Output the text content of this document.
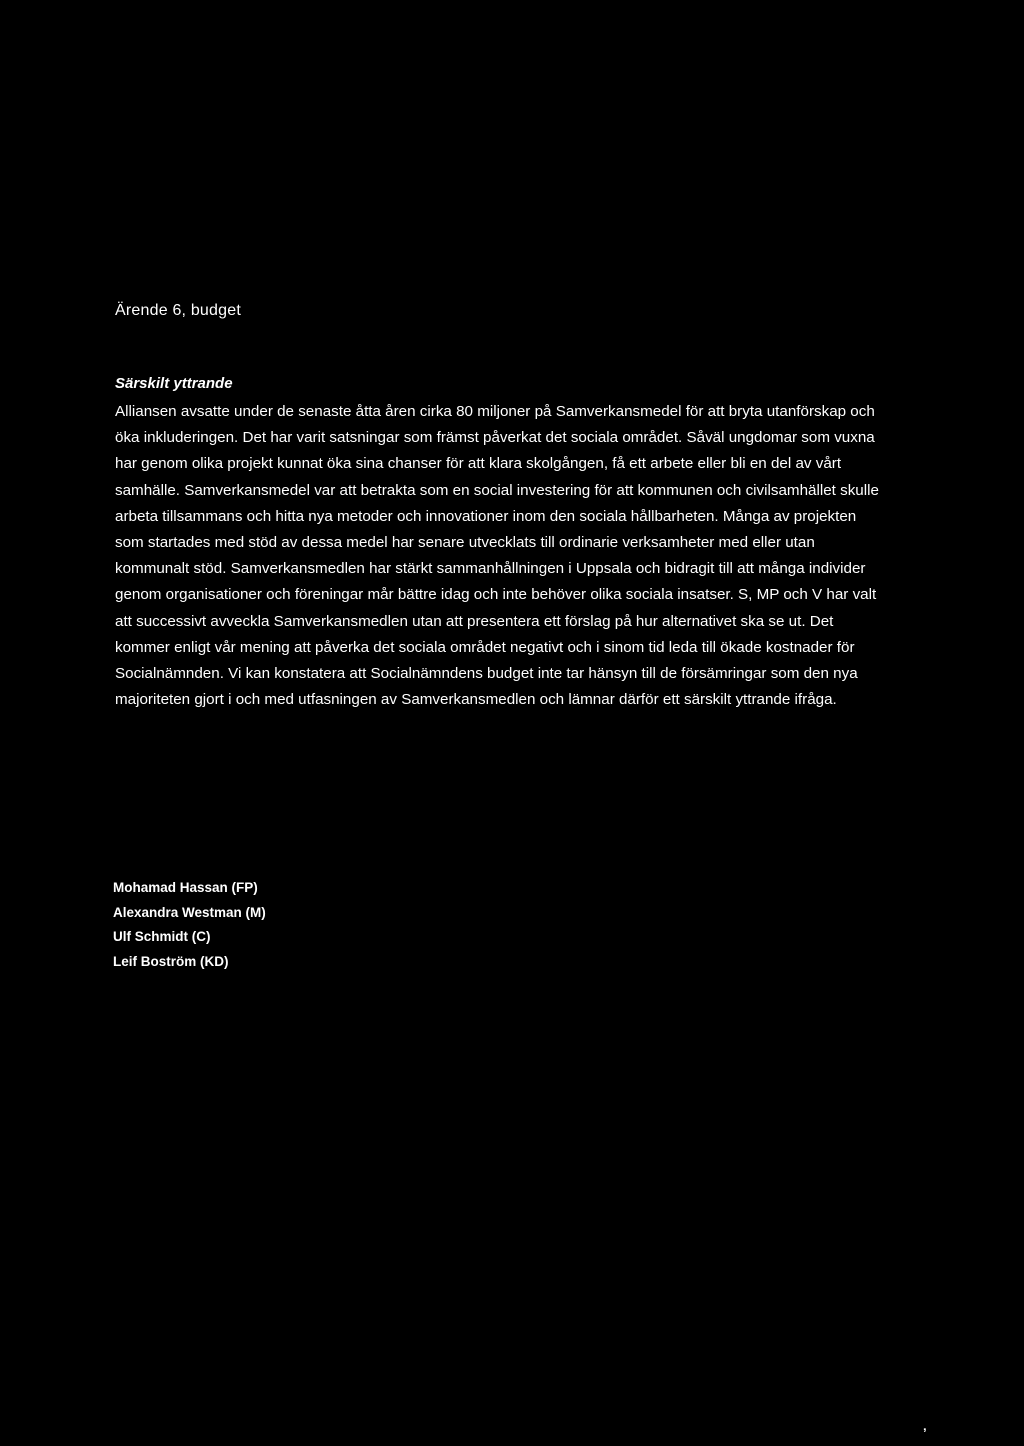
Ärende 6, budget
Särskilt yttrande

Alliansen avsatte under de senaste åtta åren cirka 80 miljoner på Samverkansmedel för att bryta utanförskap och öka inkluderingen. Det har varit satsningar som främst påverkat det sociala området. Såväl ungdomar som vuxna har genom olika projekt kunnat öka sina chanser för att klara skolgången, få ett arbete eller bli en del av vårt samhälle. Samverkansmedel var att betrakta som en social investering för att kommunen och civilsamhället skulle arbeta tillsammans och hitta nya metoder och innovationer inom den sociala hållbarheten. Många av projekten som startades med stöd av dessa medel har senare utvecklats till ordinarie verksamheter med eller utan kommunalt stöd. Samverkansmedlen har stärkt sammanhållningen i Uppsala och bidragit till att många individer genom organisationer och föreningar mår bättre idag och inte behöver olika sociala insatser. S, MP och V har valt att successivt avveckla Samverkansmedlen utan att presentera ett förslag på hur alternativet ska se ut. Det kommer enligt vår mening att påverka det sociala området negativt och i sinom tid leda till ökade kostnader för Socialnämnden. Vi kan konstatera att Socialnämndens budget inte tar hänsyn till de försämringar som den nya majoriteten gjort i och med utfasningen av Samverkansmedlen och lämnar därför ett särskilt yttrande ifråga.

Mohamad Hassan (FP)
Alexandra Westman (M)
Ulf Schmidt (C)
Leif Boström (KD)
‚
